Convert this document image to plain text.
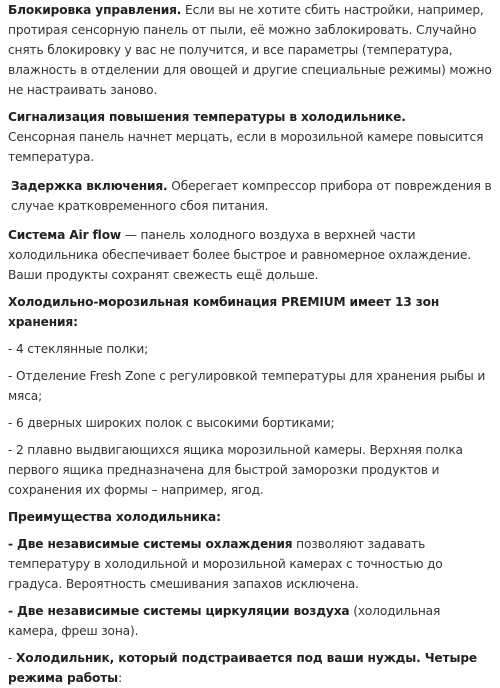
Блокировка управления. Если вы не хотите сбить настройки, например, протирая сенсорную панель от пыли, её можно заблокировать. Случайно снять блокировку у вас не получится, и все параметры (температура, влажность в отделении для овощей и другие специальные режимы) можно не настраивать заново.

Сигнализация повышения температуры в холодильнике.

Сенсорная панель начнет мерцать, если в морозильной камере повысится температура.

Задержка включения. Оберегает компрессор прибора от повреждения в случае кратковременного сбоя питания.

Система Air flow — панель холодного воздуха в верхней части холодильника обеспечивает более быстрое и равномерное охлаждение. Ваши продукты сохранят свежесть ещё дольше.

Холодильно-морозильная комбинация PREMIUM имеет 13 зон хранения:

- 4 стеклянные полки;

- Отделение Fresh Zone с регулировкой температуры для хранения рыбы и мяса;

- 6 дверных широких полок с высокими бортиками;

- 2 плавно выдвигающихся ящика морозильной камеры. Верхняя полка первого ящика предназначена для быстрой заморозки продуктов и сохранения их формы – например, ягод.

Преимущества холодильника:

- Две независимые системы охлаждения позволяют задавать температуру в холодильной и морозильной камерах с точностью до градуса. Вероятность смешивания запахов исключена.

- Две независимые системы циркуляции воздуха (холодильная камера, фреш зона).

- Холодильник, который подстраивается под ваши нужды. Четыре режима работы:
